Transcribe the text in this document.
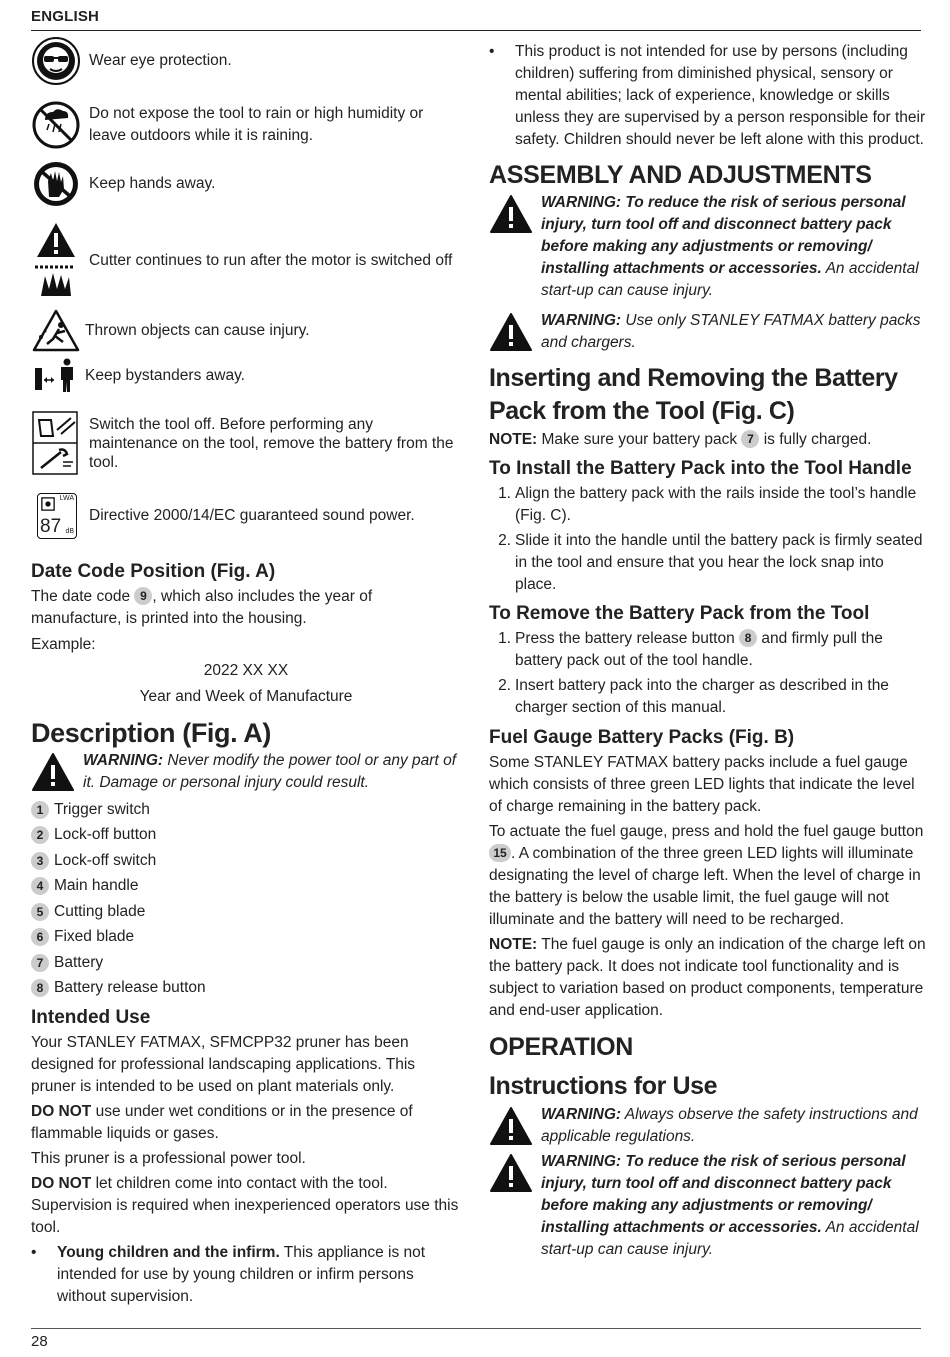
ENGLISH
Wear eye protection.
Do not expose the tool to rain or high humidity or leave outdoors while it is raining.
Keep hands away.
Cutter continues to run after the motor is switched off
Thrown objects can cause injury.
Keep bystanders away.
Switch the tool off. Before performing any maintenance on the tool, remove the battery from the tool.
LWA
87 dB
Directive 2000/14/EC guaranteed sound power.
Date Code Position (Fig. A)

The date code 9 , which also includes the year of manufacture, is printed into the housing.

Example:

2022 XX XX

Year and Week of Manufacture

Description (Fig. A)

WARNING: Never modify the power tool or any part of it. Damage or personal injury could result.

1 Trigger switch
2 Lock-off button
3 Lock-off switch
4 Main handle
5 Cutting blade
6 Fixed blade
7 Battery
8 Battery release button
Intended Use

Your STANLEY FATMAX, SFMCPP32 pruner has been designed for professional landscaping applications. This pruner is intended to be used on plant materials only.

DO NOT use under wet conditions or in the presence of flammable liquids or gases.

This pruner is a professional power tool.

DO NOT let children come into contact with the tool. Supervision is required when inexperienced operators use this tool.

•	Young children and the infirm. This appliance is not intended for use by young children or infirm persons without supervision.

•	This product is not intended for use by persons (including children) suffering from diminished physical, sensory or mental abilities; lack of experience, knowledge or skills unless they are supervised by a person responsible for their safety. Children should never be left alone with this product.

ASSEMBLY AND ADJUSTMENTS

WARNING: To reduce the risk of serious personal injury, turn tool off and disconnect battery pack before making any adjustments or removing/ installing attachments or accessories. An accidental start-up can cause injury.

WARNING: Use only STANLEY FATMAX battery packs and chargers.

Inserting and Removing the Battery Pack from the Tool (Fig. C)

NOTE: Make sure your battery pack 7 is fully charged.

To Install the Battery Pack into the Tool Handle
1. Align the battery pack with the rails inside the tool’s handle (Fig. C).

2. Slide it into the handle until the battery pack is firmly seated in the tool and ensure that you hear the lock snap into place.

To Remove the Battery Pack from the Tool
1. Press the battery release button 8 and firmly pull the battery pack out of the tool handle.

2. Insert battery pack into the charger as described in the charger section of this manual.

Fuel Gauge Battery Packs (Fig. B)

Some STANLEY FATMAX battery packs include a fuel gauge which consists of three green LED lights that indicate the level of charge remaining in the battery pack.

To actuate the fuel gauge, press and hold the fuel gauge button 15 . A combination of the three green LED lights will illuminate designating the level of charge left. When the level of charge in the battery is below the usable limit, the fuel gauge will not illuminate and the battery will need to be recharged.

NOTE: The fuel gauge is only an indication of the charge left on the battery pack. It does not indicate tool functionality and is subject to variation based on product components, temperature and end-user application.

OPERATION
Instructions for Use

WARNING: Always observe the safety instructions and applicable regulations.

WARNING: To reduce the risk of serious personal injury, turn tool off and disconnect battery pack before making any adjustments or removing/ installing attachments or accessories. An accidental start-up can cause injury.

28
